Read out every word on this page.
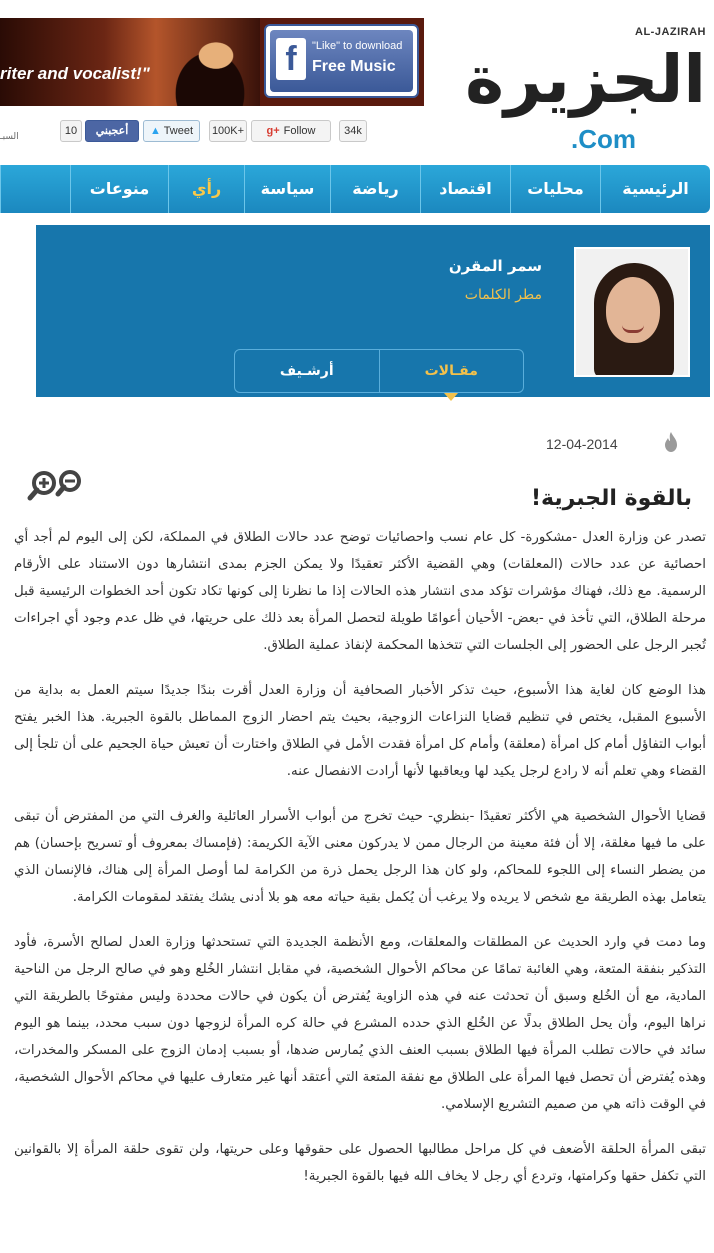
riter and vocalist!"	f	"Like" to download
Free Music
AL-JAZIRAH
الجزيرة
.Com
10	أعجبني	▲ Tweet	100K+	g+ Follow	34k
السبـ
الرئيسية
محليات
اقتصاد
رياضة
سياسة
رأي
منوعات
سمر المقرن
مطر الكلمات
مقـالات
أرشـيف
12-04-2014
بالقوة الجبرية!

تصدر عن وزارة العدل -مشكورة- كل عام نسب واحصائيات توضح عدد حالات الطلاق في المملكة، لكن إلى اليوم لم أجد أي احصائية عن عدد حالات (المعلقات) وهي القضية الأكثر تعقيدًا ولا يمكن الجزم بمدى انتشارها دون الاستناد على الأرقام الرسمية. مع ذلك، فهناك مؤشرات تؤكد مدى انتشار هذه الحالات إذا ما نظرنا إلى كونها تكاد تكون أحد الخطوات الرئيسية قبل مرحلة الطلاق، التي تأخذ في -بعض- الأحيان أعوامًا طويلة لتحصل المرأة بعد ذلك على حريتها، في ظل عدم وجود أي اجراءات تُجبر الرجل على الحضور إلى الجلسات التي تتخذها المحكمة لإنفاذ عملية الطلاق.

هذا الوضع كان لغاية هذا الأسبوع، حيث تذكر الأخبار الصحافية أن وزارة العدل أقرت بندًا جديدًا سيتم العمل به بداية من الأسبوع المقبل، يختص في تنظيم قضايا النزاعات الزوجية، بحيث يتم احضار الزوج المماطل بالقوة الجبرية. هذا الخبر يفتح أبواب التفاؤل أمام كل امرأة (معلقة) وأمام كل امرأة فقدت الأمل في الطلاق واختارت أن تعيش حياة الجحيم على أن تلجأ إلى القضاء وهي تعلم أنه لا رادع لرجل يكيد لها ويعاقبها لأنها أرادت الانفصال عنه.

قضايا الأحوال الشخصية هي الأكثر تعقيدًا -بنظري- حيث تخرج من أبواب الأسرار العائلية والغرف التي من المفترض أن تبقى على ما فيها مغلقة، إلا أن فئة معينة من الرجال ممن لا يدركون معنى الآية الكريمة: (فإمساك بمعروف أو تسريح بإحسان) هم من يضطر النساء إلى اللجوء للمحاكم، ولو كان هذا الرجل يحمل ذرة من الكرامة لما أوصل المرأة إلى هناك، فالإنسان الذي يتعامل بهذه الطريقة مع شخص لا يريده ولا يرغب أن يُكمل بقية حياته معه هو بلا أدنى يشك يفتقد لمقومات الكرامة.

وما دمت في وارد الحديث عن المطلقات والمعلقات، ومع الأنظمة الجديدة التي تستحدثها وزارة العدل لصالح الأسرة، فأود التذكير بنفقة المتعة، وهي الغائبة تمامًا عن محاكم الأحوال الشخصية، في مقابل انتشار الخُلع وهو في صالح الرجل من الناحية المادية، مع أن الخُلع وسبق أن تحدثت عنه في هذه الزاوية يُفترض أن يكون في حالات محددة وليس مفتوحًا بالطريقة التي نراها اليوم، وأن يحل الطلاق بدلًا عن الخُلع الذي حدده المشرع في حالة كره المرأة لزوجها دون سبب محدد، بينما هو اليوم سائد في حالات تطلب المرأة فيها الطلاق بسبب العنف الذي يُمارس ضدها، أو بسبب إدمان الزوج على المسكر والمخدرات، وهذه يُفترض أن تحصل فيها المرأة على الطلاق مع نفقة المتعة التي أعتقد أنها غير متعارف عليها في محاكم الأحوال الشخصية، في الوقت ذاته هي من صميم التشريع الإسلامي.

تبقى المرأة الحلقة الأضعف في كل مراحل مطالبها الحصول على حقوقها وعلى حريتها، ولن تقوى حلقة المرأة إلا بالقوانين التي تكفل حقها وكرامتها، وتردع أي رجل لا يخاف الله فيها بالقوة الجبرية!
